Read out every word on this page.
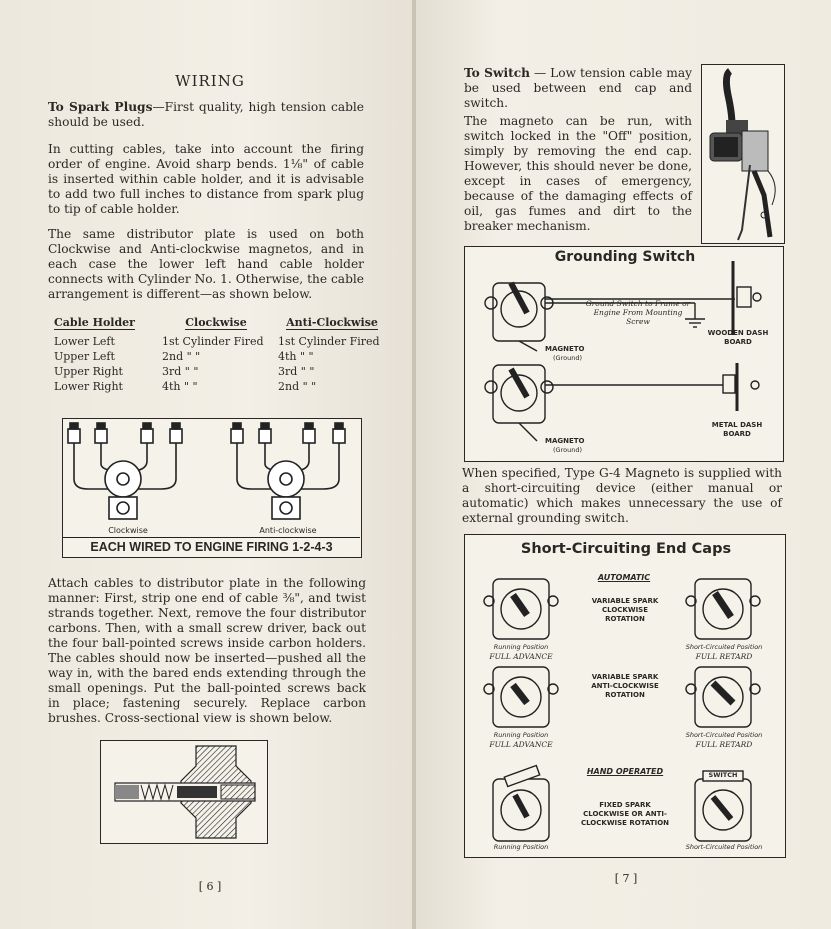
WIRING
To Spark Plugs—First quality, high tension cable should be used.
In cutting cables, take into account the firing order of engine. Avoid sharp bends. 1⅛" of cable is inserted within cable holder, and it is advisable to add two full inches to distance from spark plug to tip of cable holder.
The same distributor plate is used on both Clockwise and Anti-clockwise magnetos, and in each case the lower left hand cable holder connects with Cylinder No. 1. Otherwise, the cable arrangement is different—as shown below.
Cable Holder	Clockwise	Anti-Clockwise

Lower Left	1st Cylinder Fired	1st Cylinder Fired
Upper Left	2nd " "	4th " "
Upper Right	3rd " "	3rd " "
Lower Right	4th " "	2nd " "
Clockwise	Anti-clockwise
EACH WIRED TO ENGINE FIRING 1-2-4-3
Attach cables to distributor plate in the following manner: First, strip one end of cable ⅜", and twist strands together. Next, remove the four distributor carbons. Then, with a small screw driver, back out the four ball-pointed screws inside carbon holders. The cables should now be inserted—pushed all the way in, with the bared ends extending through the small openings. Put the ball-pointed screws back in place; fastening securely. Replace carbon brushes. Cross-sectional view is shown below.
[ 6 ]
To Switch — Low tension cable may be used between end cap and switch.
The magneto can be run, with switch locked in the "Off" position, simply by removing the end cap. However, this should never be done, except in cases of emergency, because of the damaging effects of oil, gas fumes and dirt to the breaker mechanism.
Grounding Switch
Ground Switch to Frame or Engine From Mounting Screw
WOODEN DASH BOARD
MAGNETO
(Ground)
METAL DASH BOARD
MAGNETO
(Ground)
When specified, Type G-4 Magneto is supplied with a short-circuiting device (either manual or automatic) which makes unnecessary the use of external grounding switch.
Short-Circuiting End Caps
AUTOMATIC
VARIABLE SPARK CLOCKWISE ROTATION
Running Position
FULL ADVANCE
Short-Circuited Position
FULL RETARD
VARIABLE SPARK ANTI-CLOCKWISE ROTATION
Running Position
FULL ADVANCE
Short-Circuited Position
FULL RETARD
HAND OPERATED
FIXED SPARK CLOCKWISE OR ANTI-CLOCKWISE ROTATION
SWITCH
Running Position	Short-Circuited Position
[ 7 ]
